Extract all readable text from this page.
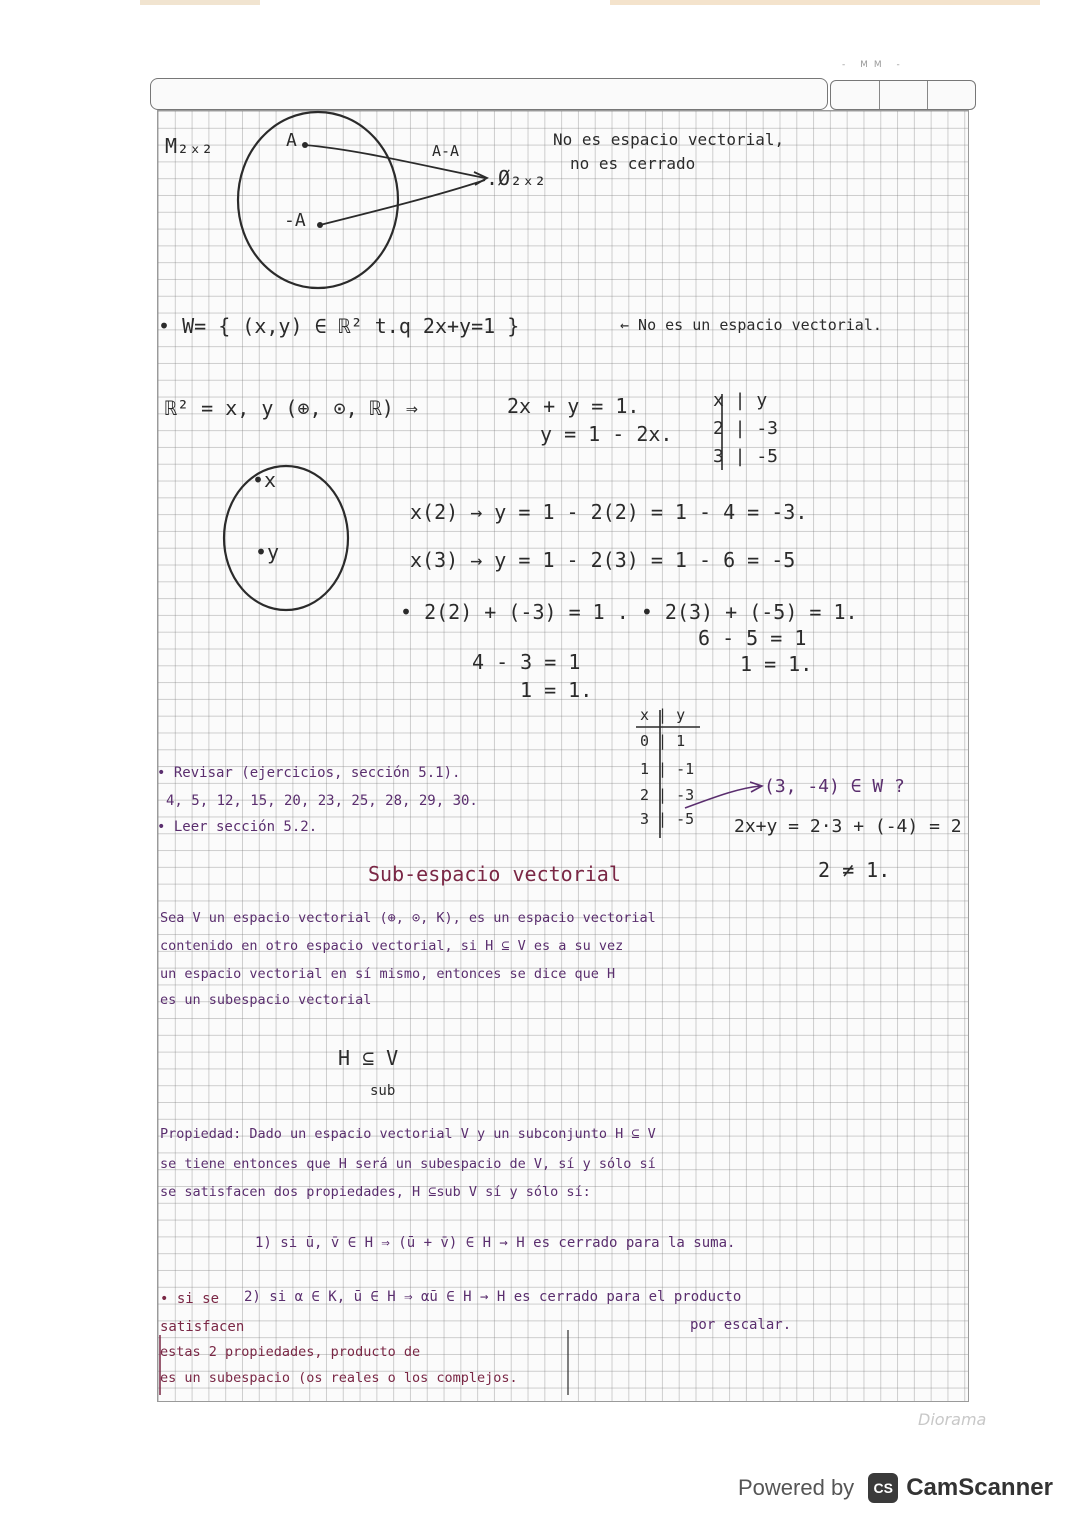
- MM -
M₂ₓ₂	A
-A
A-A
.Ø₂ₓ₂
No es espacio vectorial,
no es cerrado
• W= { (x,y) ∈ ℝ² t.q 2x+y=1 }	← No es un espacio vectorial.
ℝ² = x, y (⊕, ⊙, ℝ) ⇒	2x + y = 1.
y = 1 - 2x.
x | y
2 | -3
3 | -5
•x
•y
x(2) → y = 1 - 2(2) = 1 - 4 = -3.
x(3) → y = 1 - 2(3) = 1 - 6 = -5
• 2(2) + (-3) = 1 . • 2(3) + (-5) = 1.
6 - 5 = 1
4 - 3 = 1	1 = 1.
1 = 1.
x | y
0 | 1
1 | -1
2 | -3
3 | -5
(3, -4) ∈ W ?
2x+y = 2·3 + (-4) = 2
2 ≠ 1.
• Revisar (ejercicios, sección 5.1).
4, 5, 12, 15, 20, 23, 25, 28, 29, 30.
• Leer sección 5.2.
Sub-espacio vectorial
Sea V un espacio vectorial (⊕, ⊙, K), es un espacio vectorial
contenido en otro espacio vectorial, si H ⊆ V es a su vez
un espacio vectorial en sí mismo, entonces se dice que H
es un subespacio vectorial
H ⊆ V
sub
Propiedad: Dado un espacio vectorial V y un subconjunto H ⊆ V
se tiene entonces que H será un subespacio de V, sí y sólo sí
se satisfacen dos propiedades, H ⊆sub V sí y sólo sí:
1) si ū, v̄ ∈ H ⇒ (ū + v̄) ∈ H → H es cerrado para la suma.
• si se 2) si α ∈ K, ū ∈ H ⇒ αū ∈ H → H es cerrado para el producto
por escalar.
satisfacen
estas 2 propiedades, producto de
es un subespacio (os reales o los complejos.
Diorama
Powered by	CS CamScanner
